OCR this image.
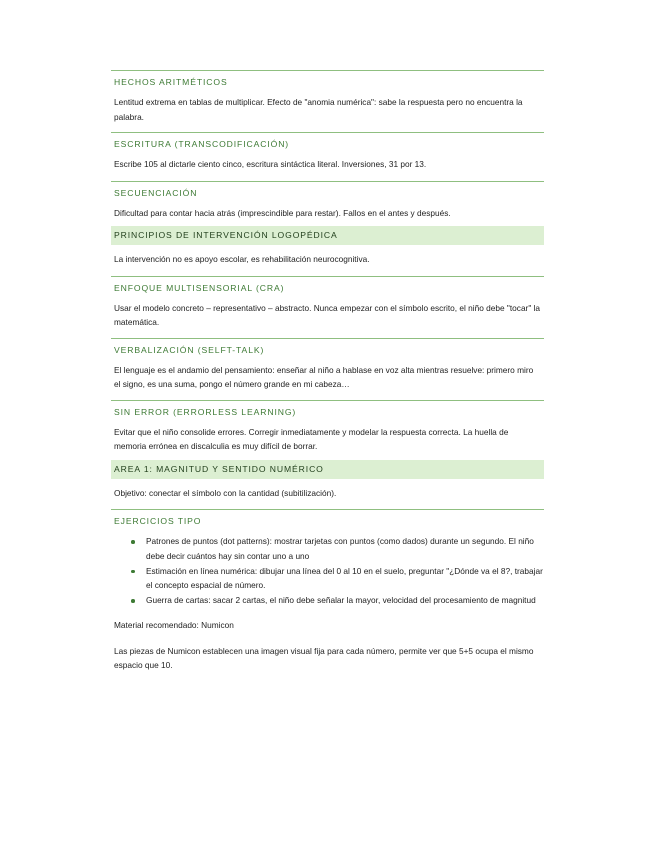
HECHOS ARITMÉTICOS
Lentitud extrema en tablas de multiplicar. Efecto de "anomia numérica": sabe la respuesta pero no encuentra la palabra.
ESCRITURA (TRANSCODIFICACIÓN)
Escribe 105 al dictarle ciento cinco, escritura sintáctica literal. Inversiones, 31 por 13.
SECUENCIACIÓN
Dificultad para contar hacia atrás (imprescindible para restar). Fallos en el antes y después.
PRINCIPIOS DE INTERVENCIÓN LOGOPÉDICA
La intervención no es apoyo escolar, es rehabilitación neurocognitiva.
ENFOQUE MULTISENSORIAL (CRA)
Usar el modelo concreto – representativo – abstracto. Nunca empezar con el símbolo escrito, el niño debe "tocar" la matemática.
VERBALIZACIÓN (SELFT-TALK)
El lenguaje es el andamio del pensamiento: enseñar al niño a hablase en voz alta mientras resuelve: primero miro el signo, es una suma, pongo el número grande en mi cabeza…
SIN ERROR (ERRORLESS LEARNING)
Evitar que el niño consolide errores. Corregir inmediatamente y modelar la respuesta correcta. La huella de memoria errónea en discalculia es muy difícil de borrar.
AREA 1: MAGNITUD Y SENTIDO NUMÉRICO
Objetivo: conectar el símbolo con la cantidad (subitilización).
EJERCICIOS TIPO
Patrones de puntos (dot patterns): mostrar tarjetas con puntos (como dados) durante un segundo. El niño debe decir cuántos hay sin contar uno a uno
Estimación en línea numérica: dibujar una línea del 0 al 10 en el suelo, preguntar "¿Dónde va el 8?, trabajar el concepto espacial de número.
Guerra de cartas: sacar 2 cartas, el niño debe señalar la mayor, velocidad del procesamiento de magnitud
Material recomendado: Numicon
Las piezas de Numicon establecen una imagen visual fija para cada número, permite ver que 5+5 ocupa el mismo espacio que 10.
